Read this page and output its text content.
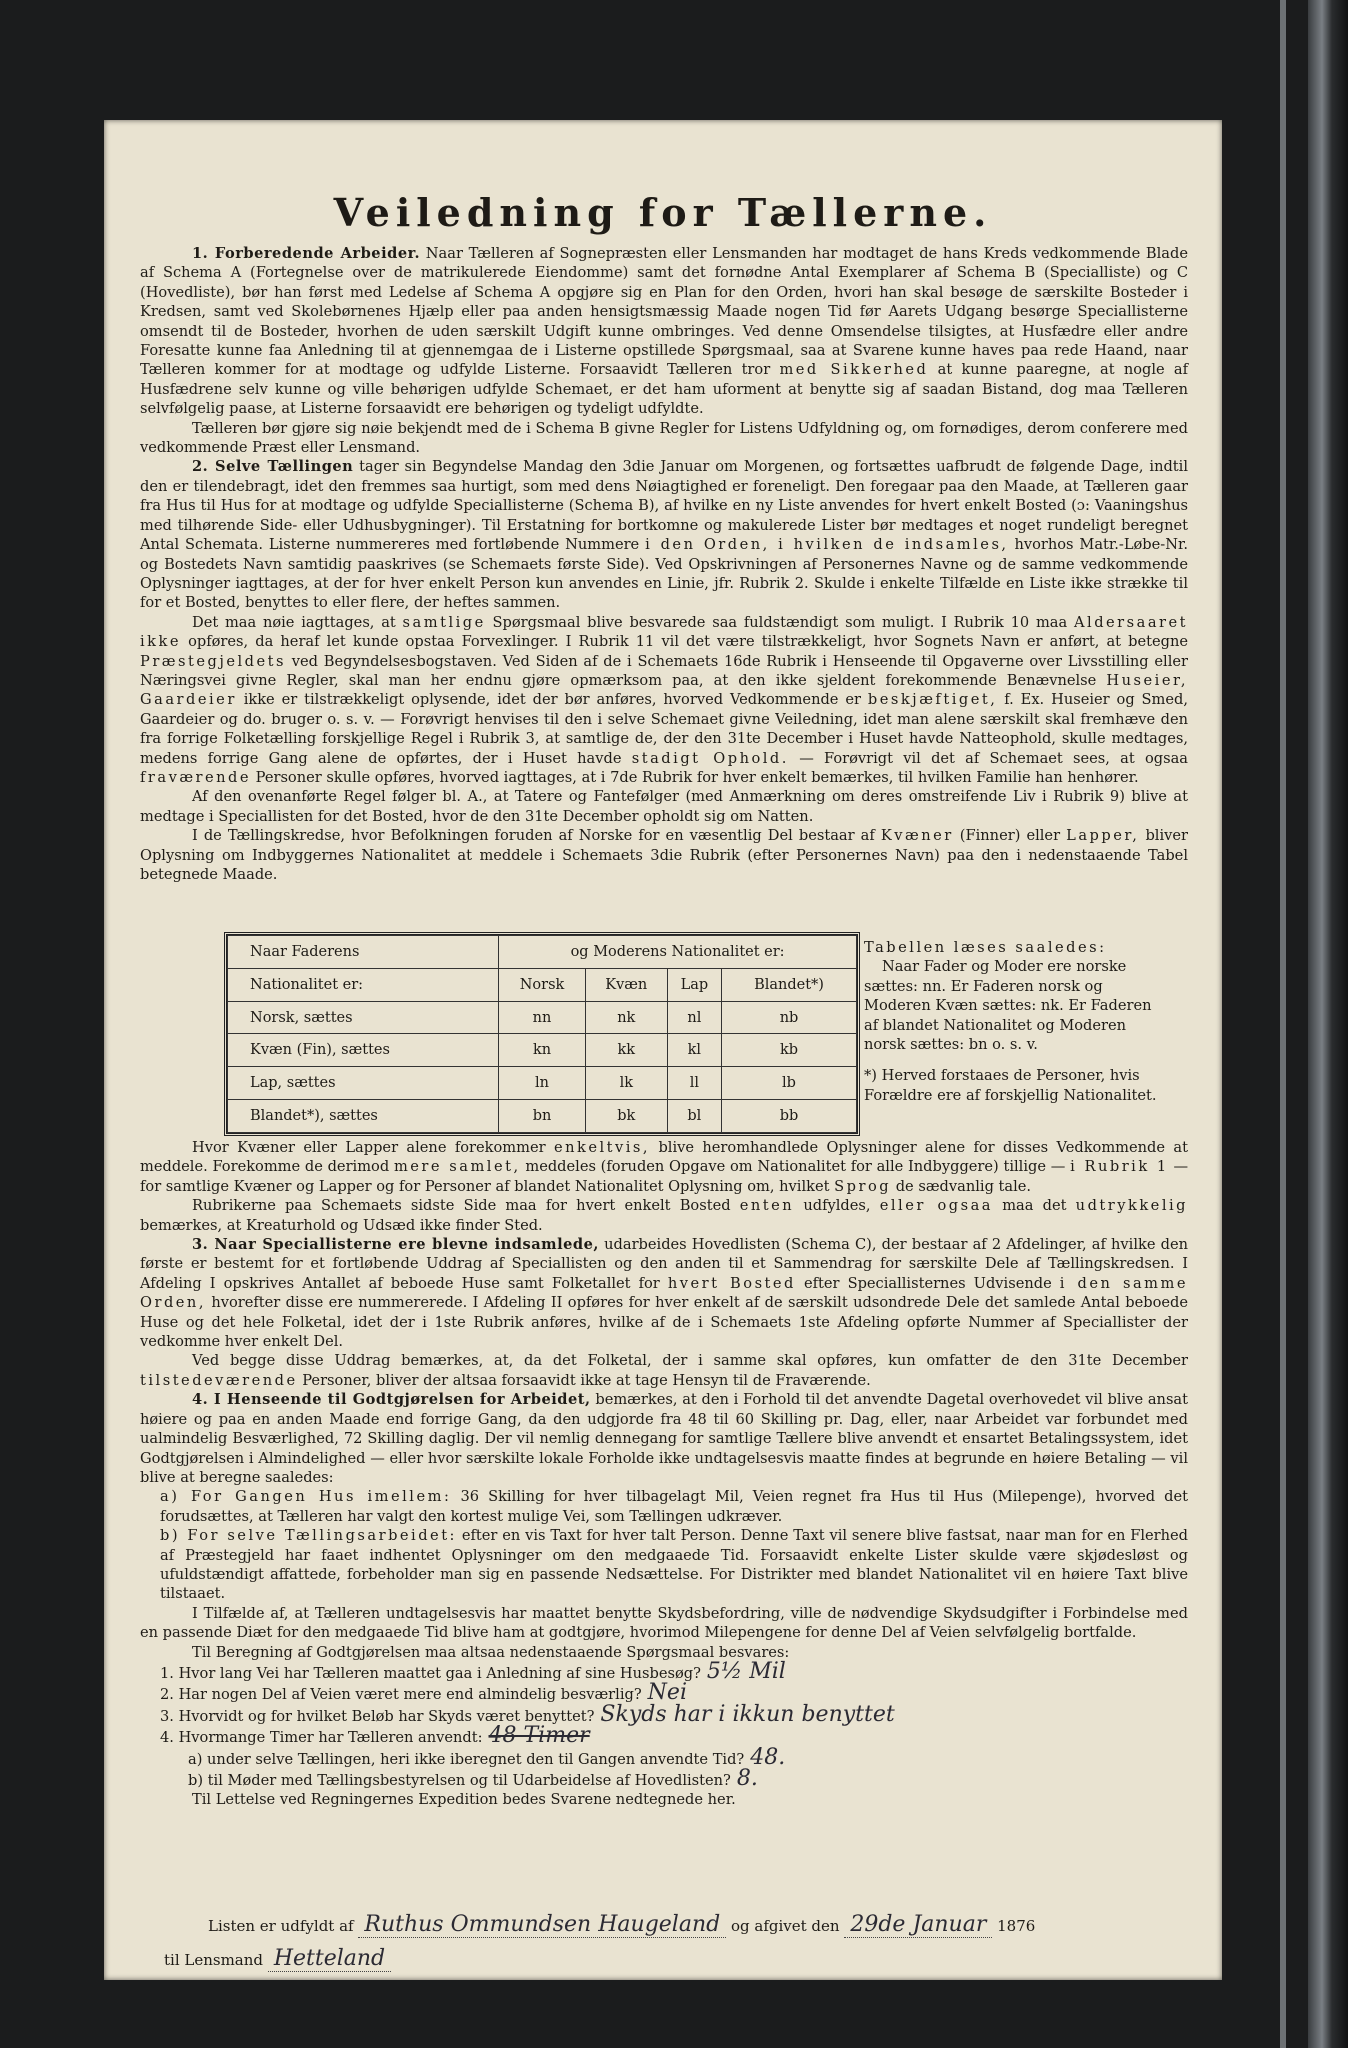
Veiledning for Tællerne.

1. Forberedende Arbeider. Naar Tælleren af Sognepræsten eller Lensmanden har modtaget de hans Kreds vedkommende Blade af Schema A (Fortegnelse over de matrikulerede Eiendomme) samt det fornødne Antal Exemplarer af Schema B (Specialliste) og C (Hovedliste), bør han først med Ledelse af Schema A opgjøre sig en Plan for den Orden, hvori han skal besøge de særskilte Bosteder i Kredsen, samt ved Skolebørnenes Hjælp eller paa anden hensigtsmæssig Maade nogen Tid før Aarets Udgang besørge Speciallisterne omsendt til de Bosteder, hvorhen de uden særskilt Udgift kunne ombringes. Ved denne Omsendelse tilsigtes, at Husfædre eller andre Foresatte kunne faa Anledning til at gjennemgaa de i Listerne opstillede Spørgsmaal, saa at Svarene kunne haves paa rede Haand, naar Tælleren kommer for at modtage og udfylde Listerne. Forsaavidt Tælleren tror med Sikkerhed at kunne paaregne, at nogle af Husfædrene selv kunne og ville behørigen udfylde Schemaet, er det ham uforment at benytte sig af saadan Bistand, dog maa Tælleren selvfølgelig paase, at Listerne forsaavidt ere behørigen og tydeligt udfyldte.

Tælleren bør gjøre sig nøie bekjendt med de i Schema B givne Regler for Listens Udfyldning og, om fornødiges, derom conferere med vedkommende Præst eller Lensmand.

2. Selve Tællingen tager sin Begyndelse Mandag den 3die Januar om Morgenen, og fortsættes uafbrudt de følgende Dage, indtil den er tilendebragt, idet den fremmes saa hurtigt, som med dens Nøiagtighed er foreneligt. Den foregaar paa den Maade, at Tælleren gaar fra Hus til Hus for at modtage og udfylde Speciallisterne (Schema B), af hvilke en ny Liste anvendes for hvert enkelt Bosted (ɔ: Vaaningshus med tilhørende Side- eller Udhusbygninger). Til Erstatning for bortkomne og makulerede Lister bør medtages et noget rundeligt beregnet Antal Schemata. Listerne nummereres med fortløbende Nummere i den Orden, i hvilken de indsamles, hvorhos Matr.-Løbe-Nr. og Bostedets Navn samtidig paaskrives (se Schemaets første Side). Ved Opskrivningen af Personernes Navne og de samme vedkommende Oplysninger iagttages, at der for hver enkelt Person kun anvendes en Linie, jfr. Rubrik 2. Skulde i enkelte Tilfælde en Liste ikke strække til for et Bosted, benyttes to eller flere, der heftes sammen.

Det maa nøie iagttages, at samtlige Spørgsmaal blive besvarede saa fuldstændigt som muligt. I Rubrik 10 maa Aldersaaret ikke opføres, da heraf let kunde opstaa Forvexlinger. I Rubrik 11 vil det være tilstrækkeligt, hvor Sognets Navn er anført, at betegne Præstegjeldets ved Begyndelsesbogstaven. Ved Siden af de i Schemaets 16de Rubrik i Henseende til Opgaverne over Livsstilling eller Næringsvei givne Regler, skal man her endnu gjøre opmærksom paa, at den ikke sjeldent forekommende Benævnelse Huseier, Gaardeier ikke er tilstrækkeligt oplysende, idet der bør anføres, hvorved Vedkommende er beskjæftiget, f. Ex. Huseier og Smed, Gaardeier og do. bruger o. s. v. — Forøvrigt henvises til den i selve Schemaet givne Veiledning, idet man alene særskilt skal fremhæve den fra forrige Folketælling forskjellige Regel i Rubrik 3, at samtlige de, der den 31te December i Huset havde Natteophold, skulle medtages, medens forrige Gang alene de opførtes, der i Huset havde stadigt Ophold. — Forøvrigt vil det af Schemaet sees, at ogsaa fraværende Personer skulle opføres, hvorved iagttages, at i 7de Rubrik for hver enkelt bemærkes, til hvilken Familie han henhører.

Af den ovenanførte Regel følger bl. A., at Tatere og Fantefølger (med Anmærkning om deres omstreifende Liv i Rubrik 9) blive at medtage i Speciallisten for det Bosted, hvor de den 31te December opholdt sig om Natten.

I de Tællingskredse, hvor Befolkningen foruden af Norske for en væsentlig Del bestaar af Kvæner (Finner) eller Lapper, bliver Oplysning om Indbyggernes Nationalitet at meddele i Schemaets 3die Rubrik (efter Personernes Navn) paa den i nedenstaaende Tabel betegnede Maade.

Naar Faderens	og Moderens Nationalitet er:			
Nationalitet er:	Norsk	Kvæn	Lap	Blandet*)
Norsk, sættes	nn	nk	nl	nb
Kvæn (Fin), sættes	kn	kk	kl	kb
Lap, sættes	ln	lk	ll	lb
Blandet*), sættes	bn	bk	bl	bb

Tabellen læses saaledes:

Naar Fader og Moder ere norske sættes: nn. Er Faderen norsk og Moderen Kvæn sættes: nk. Er Faderen af blandet Nationalitet og Moderen norsk sættes: bn o. s. v.

*) Herved forstaaes de Personer, hvis Forældre ere af forskjellig Nationalitet.

Hvor Kvæner eller Lapper alene forekommer enkeltvis, blive heromhandlede Oplysninger alene for disses Vedkommende at meddele. Forekomme de derimod mere samlet, meddeles (foruden Opgave om Nationalitet for alle Indbyggere) tillige — i Rubrik 1 — for samtlige Kvæner og Lapper og for Personer af blandet Nationalitet Oplysning om, hvilket Sprog de sædvanlig tale.

Rubrikerne paa Schemaets sidste Side maa for hvert enkelt Bosted enten udfyldes, eller ogsaa maa det udtrykkelig bemærkes, at Kreaturhold og Udsæd ikke finder Sted.

3. Naar Speciallisterne ere blevne indsamlede, udarbeides Hovedlisten (Schema C), der bestaar af 2 Afdelinger, af hvilke den første er bestemt for et fortløbende Uddrag af Speciallisten og den anden til et Sammendrag for særskilte Dele af Tællingskredsen. I Afdeling I opskrives Antallet af beboede Huse samt Folketallet for hvert Bosted efter Speciallisternes Udvisende i den samme Orden, hvorefter disse ere nummererede. I Afdeling II opføres for hver enkelt af de særskilt udsondrede Dele det samlede Antal beboede Huse og det hele Folketal, idet der i 1ste Rubrik anføres, hvilke af de i Schemaets 1ste Afdeling opførte Nummer af Speciallister der vedkomme hver enkelt Del.

Ved begge disse Uddrag bemærkes, at, da det Folketal, der i samme skal opføres, kun omfatter de den 31te December tilstedeværende Personer, bliver der altsaa forsaavidt ikke at tage Hensyn til de Fraværende.

4. I Henseende til Godtgjørelsen for Arbeidet, bemærkes, at den i Forhold til det anvendte Dagetal overhovedet vil blive ansat høiere og paa en anden Maade end forrige Gang, da den udgjorde fra 48 til 60 Skilling pr. Dag, eller, naar Arbeidet var forbundet med ualmindelig Besværlighed, 72 Skilling daglig. Der vil nemlig dennegang for samtlige Tællere blive anvendt et ensartet Betalingssystem, idet Godtgjørelsen i Almindelighed — eller hvor særskilte lokale Forholde ikke undtagelsesvis maatte findes at begrunde en høiere Betaling — vil blive at beregne saaledes:

a) For Gangen Hus imellem: 36 Skilling for hver tilbagelagt Mil, Veien regnet fra Hus til Hus (Milepenge), hvorved det forudsættes, at Tælleren har valgt den kortest mulige Vei, som Tællingen udkræver.

b) For selve Tællingsarbeidet: efter en vis Taxt for hver talt Person. Denne Taxt vil senere blive fastsat, naar man for en Flerhed af Præstegjeld har faaet indhentet Oplysninger om den medgaaede Tid. Forsaavidt enkelte Lister skulde være skjødesløst og ufuldstændigt affattede, forbeholder man sig en passende Nedsættelse. For Distrikter med blandet Nationalitet vil en høiere Taxt blive tilstaaet.

I Tilfælde af, at Tælleren undtagelsesvis har maattet benytte Skydsbefordring, ville de nødvendige Skydsudgifter i Forbindelse med en passende Diæt for den medgaaede Tid blive ham at godtgjøre, hvorimod Milepengene for denne Del af Veien selvfølgelig bortfalde.

Til Beregning af Godtgjørelsen maa altsaa nedenstaaende Spørgsmaal besvares:

1. Hvor lang Vei har Tælleren maattet gaa i Anledning af sine Husbesøg? 5½ Mil

2. Har nogen Del af Veien været mere end almindelig besværlig? Nei

3. Hvorvidt og for hvilket Beløb har Skyds været benyttet? Skyds har i ikkun benyttet

4. Hvormange Timer har Tælleren anvendt: 48 Timer

a) under selve Tællingen, heri ikke iberegnet den til Gangen anvendte Tid? 48.

b) til Møder med Tællingsbestyrelsen og til Udarbeidelse af Hovedlisten? 8.

Til Lettelse ved Regningernes Expedition bedes Svarene nedtegnede her.

Listen er udfyldt af Ruthus Ommundsen Haugeland og afgivet den 29de Januar 1876
til Lensmand Hetteland
